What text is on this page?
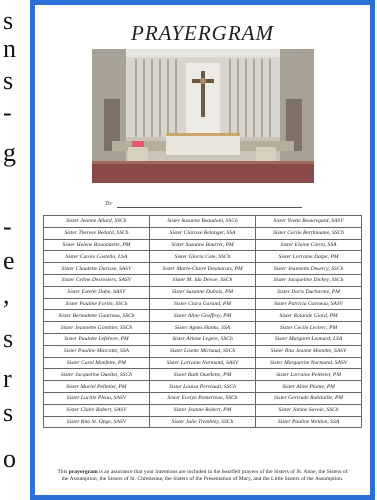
s
n
s
-
g
-
e
,
s
r
s
o
PRAYERGRAM
To:
Sister Jeanne Allard, SSCh	Sister Suzanne Beaudoin, SSCh	Sister Yvette Beauregard, SASV
Sister Therese Bedard, SSCh	Sister Clarisse Belanger, SSA	Sister Cecile Berthiaume, SSCh
Sister Helene Bissonnette, PM	Sister Suzanne Bourret, PM	Sister Elaine Caron, SSA
Sister Carole Costello, LSA	Sister Gloria Cote, SSCh	Sister Lorraine Dalpe, PM
Sister Claudette Darisse, SASV	Sister Marie-Claire Desmarais, PM	Sister Jeannette Desercy, SSCh
Sister Celine Desrosiers, SASV	Sister M. Ida Devoe, SSCh	Sister Jacqueline Dickey, SSCh
Sister Estelle Dube, SASV	Sister Suzanne Dubois, PM	Sister Doris Ducharme, PM
Sister Pauline Fortin, SSCh	Sister Clara Garand, PM	Sister Patricia Garneau, SASV
Sister Bernadette Gautreau, SSCh	Sister Aline Geoffroy, PM	Sister Rolande Giard, PM
Sister Jeannette Gonthier, SSCh	Sister Agnes Hanks, SSA	Sister Cecile Leclerc, PM
Sister Paulette Lefebvre, PM	Sister Arlene Legere, SSCh	Sister Margaret Leonard, LSA
Sister Pauline Marcotte, SSA	Sister Lisette Michaud, SSCh	Sister Rita Jeanne Monette, SASV
Sister Carol Monfette, PM	Sister Lorraine Normand, SASV	Sister Marguerite Normand, SASV
Sister Jacqueline Ouellet, SSCh	Sister Ruth Ouellette, PM	Sister Lorraine Pelletier, PM
Sister Muriel Pelletier, PM	Sister Louisa Perreault, SSCh	Sister Aline Plante, PM
Sister Lucille Pleau, SASV	Sister Evelyn Pomerleau, SSCh	Sister Gertrude Robitaille, PM
Sister Claire Robert, SASV	Sister Jeanne Robert, PM	Sister Janine Savoie, SSCh
Sister Rita St. Onge, SASV	Sister Julie Trembley, SSCh	Sister Pauline Weldon, SSA
This prayergram is an assurance that your intentions are included in the heartfelt prayers of the Sisters of St. Anne, the Sisters of the Assumption, the Sisters of St. Chretienne, the Sisters of the Presentation of Mary, and the Little Sisters of the Assumption.
